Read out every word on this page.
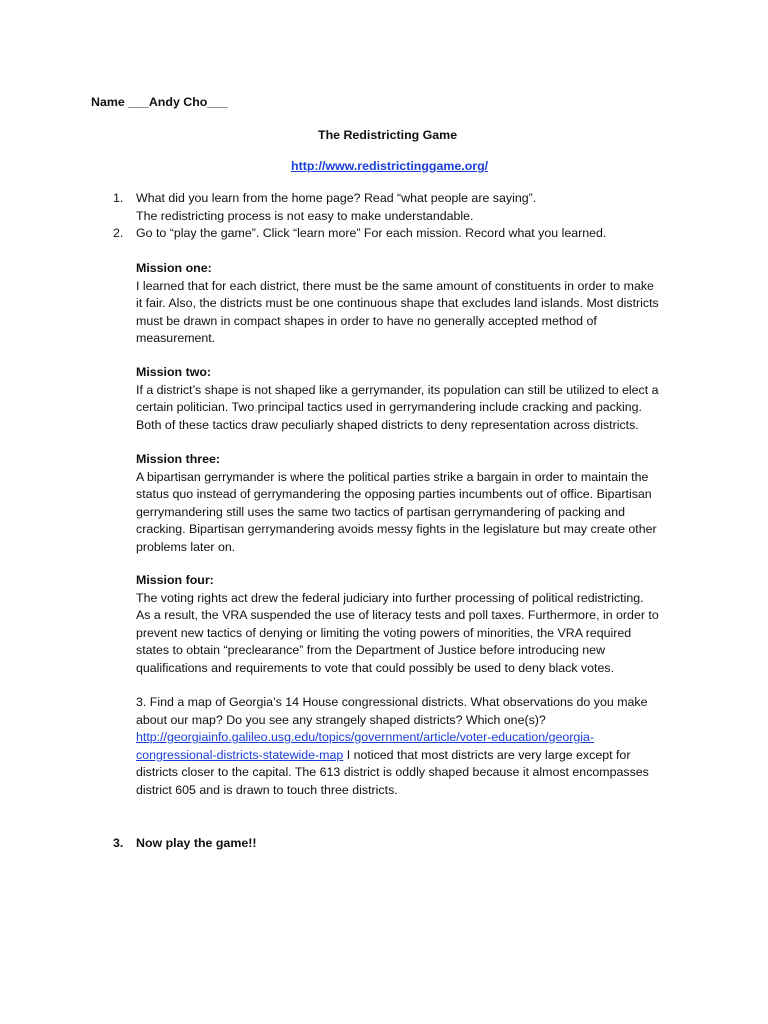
Name ___Andy Cho___
The Redistricting Game
http://www.redistrictinggame.org/
1. What did you learn from the home page? Read “what people are saying”.
The redistricting process is not easy to make understandable.
2. Go to “play the game”. Click “learn more” For each mission. Record what you learned.
Mission one:
I learned that for each district, there must be the same amount of constituents in order to make
it fair. Also, the districts must be one continuous shape that excludes land islands. Most districts
must be drawn in compact shapes in order to have no generally accepted method of
measurement.
Mission two:
If a district’s shape is not shaped like a gerrymander, its population can still be utilized to elect a
certain politician. Two principal tactics used in gerrymandering include cracking and packing.
Both of these tactics draw peculiarly shaped districts to deny representation across districts.
Mission three:
A bipartisan gerrymander is where the political parties strike a bargain in order to maintain the
status quo instead of gerrymandering the opposing parties incumbents out of office. Bipartisan
gerrymandering still uses the same two tactics of partisan gerrymandering of packing and
cracking. Bipartisan gerrymandering avoids messy fights in the legislature but may create other
problems later on.
Mission four:
The voting rights act drew the federal judiciary into further processing of political redistricting.
As a result, the VRA suspended the use of literacy tests and poll taxes. Furthermore, in order to
prevent new tactics of denying or limiting the voting powers of minorities, the VRA required
states to obtain “preclearance” from the Department of Justice before introducing new
qualifications and requirements to vote that could possibly be used to deny black votes.
3. Find a map of Georgia’s 14 House congressional districts. What observations do you make
about our map? Do you see any strangely shaped districts? Which one(s)?
http://georgiainfo.galileo.usg.edu/topics/government/article/voter-education/georgia-
congressional-districts-statewide-map I noticed that most districts are very large except for
districts closer to the capital. The 613 district is oddly shaped because it almost encompasses
district 605 and is drawn to touch three districts.
3. Now play the game!!
